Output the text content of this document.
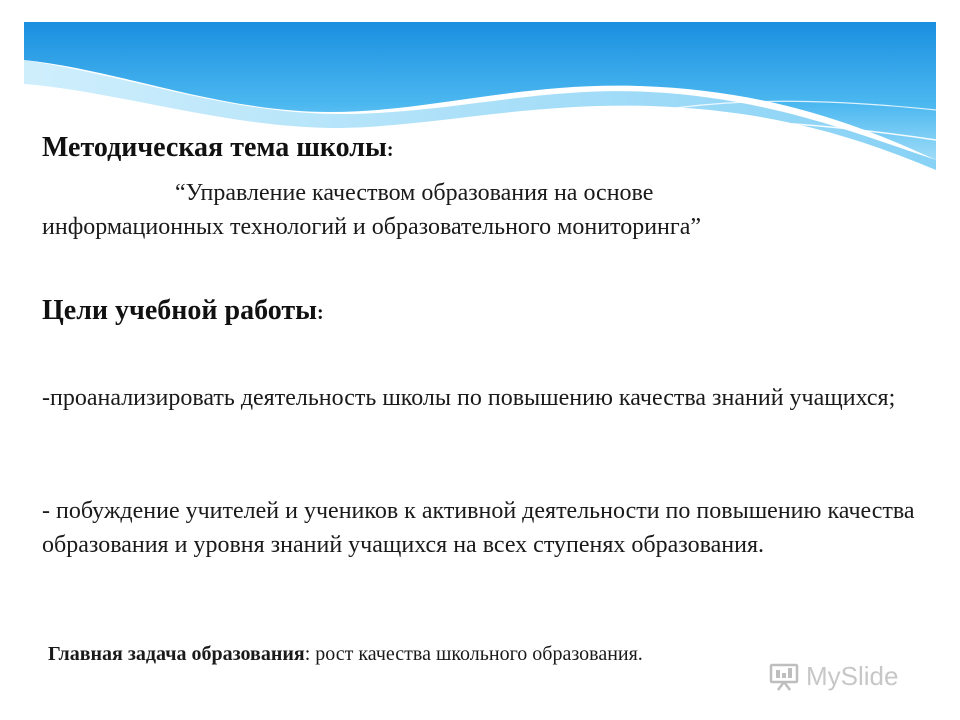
Методическая тема школы:
“Управление качеством образования на основе
информационных технологий и образовательного мониторинга”
Цели учебной работы:
-проанализировать деятельность школы по повышению качества знаний учащихся;
- побуждение учителей и учеников к активной деятельности по повышению качества образования и уровня знаний учащихся на всех ступенях образования.
Главная задача образования: рост качества школьного образования.
MySlide
